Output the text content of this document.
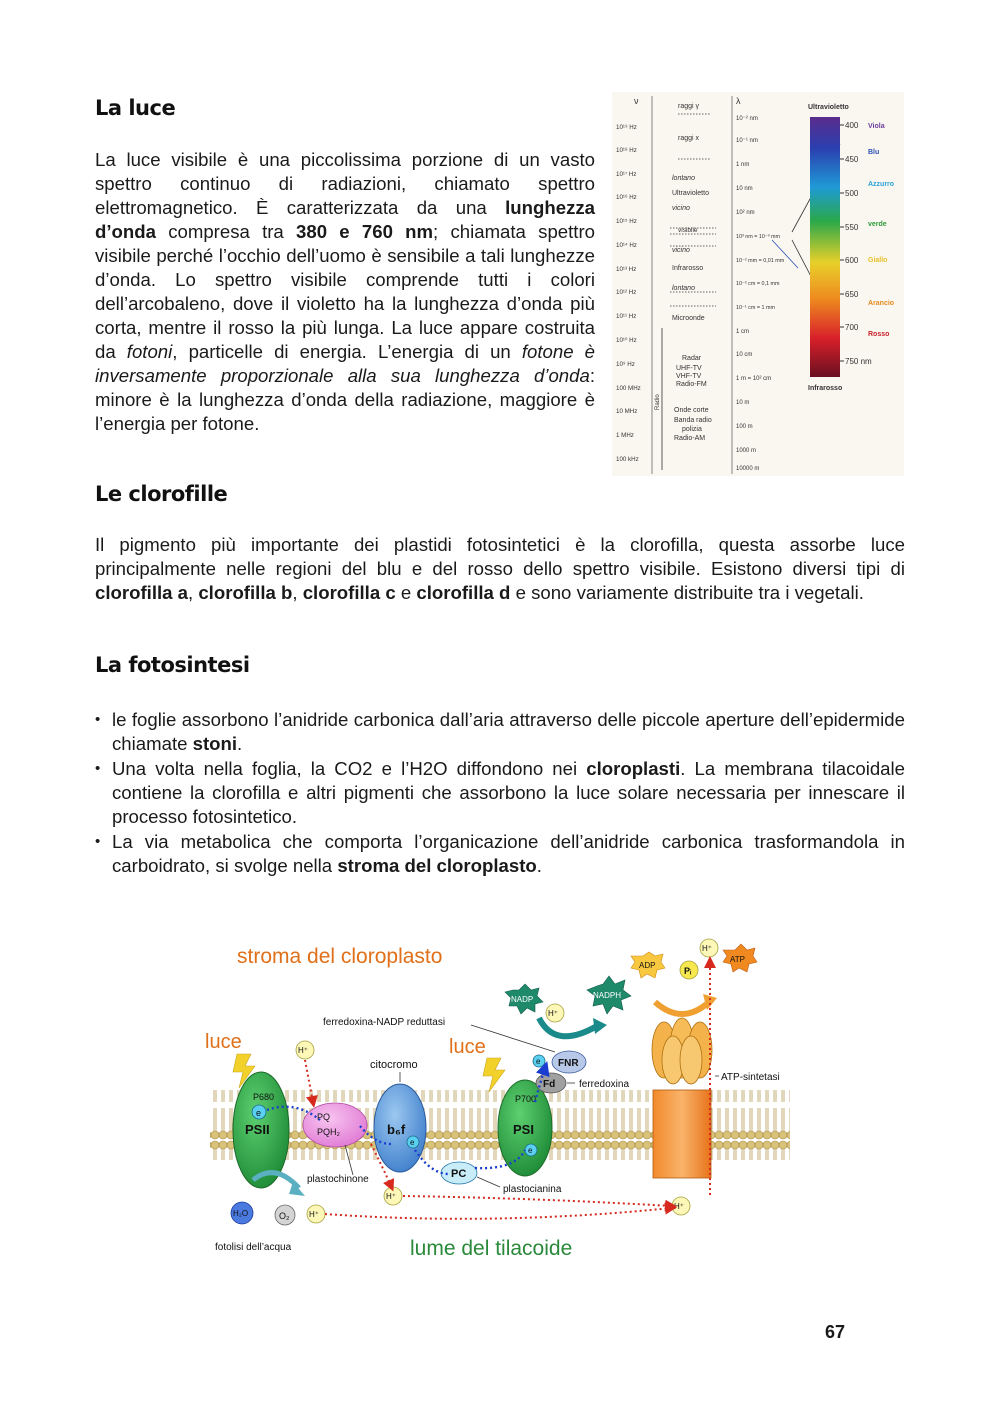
La luce
La luce visibile è una piccolissima porzione di un vasto spettro continuo di radiazioni, chiamato spettro elettromagnetico. È caratterizzata da una lunghezza d’onda compresa tra 380 e 760 nm; chiamata spettro visibile perché l’occhio dell’uomo è sensibile a tali lunghezze d’onda. Lo spettro visibile comprende tutti i colori dell’arcobaleno, dove il violetto ha la lunghezza d’onda più corta, mentre il rosso la più lunga. La luce appare costruita da fotoni, particelle di energia. L’energia di un fotone è inversamente proporzionale alla sua lunghezza d’onda: minore è la lunghezza d’onda della radiazione, maggiore è l’energia per fotone.
ν	λ
10¹⁹ Hz
10¹⁸ Hz
10¹⁷ Hz
10¹⁶ Hz
10¹⁵ Hz
10¹⁴ Hz
10¹³ Hz
10¹² Hz
10¹¹ Hz
10¹⁰ Hz
10⁹ Hz
100 MHz
10 MHz
1 MHz
100 kHz
raggi γ
raggi x
lontano
Ultravioletto
vicino
visibile
vicino
Infrarosso
lontano
Microonde
Radar
UHF-TV
VHF-TV
Radio-FM
Onde corte
Banda radio
polizia
Radio-AM
Radio
10⁻² nm
10⁻¹ nm
1 nm
10 nm
10² nm
10³ nm = 10⁻³ mm
10⁻² mm = 0,01 mm
10⁻² cm = 0,1 mm
10⁻¹ cm = 1 mm
1 cm
10 cm
1 m = 10² cm
10 m
100 m
1000 m
10000 m
Ultravioletto
Infrarosso
400
450
500
550
600
650
700
750 nm
Viola
Blu
Azzurro
verde
Giallo
Arancio
Rosso
Le clorofille
Il pigmento più importante dei plastidi fotosintetici è la clorofilla, questa assorbe luce principalmente nelle regioni del blu e del rosso dello spettro visibile. Esistono diversi tipi di clorofilla a, clorofilla b, clorofilla c e clorofilla d e sono variamente distribuite tra i vegetali.
La fotosintesi
• le foglie assorbono l’anidride carbonica dall’aria attraverso delle piccole aperture dell’epidermide chiamate stoni.
• Una volta nella foglia, la CO2 e l’H2O diffondono nei cloroplasti. La membrana tilacoidale contiene la clorofilla e altri pigmenti che assorbono la luce solare necessaria per innescare il processo fotosintetico.
• La via metabolica che comporta l’organicazione dell’anidride carbonica trasformandola in carboidrato, si svolge nella stroma del cloroplasto.
stroma del cloroplasto
lume del tilacoide
luce	luce
P680
PSII
e	PQ
PQH₂
plastochinone
b₆f
e
citocromo
PC
plastocianina
P700
PSI
e
Fd ferredoxina
FNR
e
ferredoxina-NADP reduttasi
NADP	NADPH
H⁺
ATP-sintetasi
ADP
Pᵢ
ATP
H⁺
H⁺
H⁺
H⁺
H⁺
H₂O	O₂
fotolisi dell’acqua
67
